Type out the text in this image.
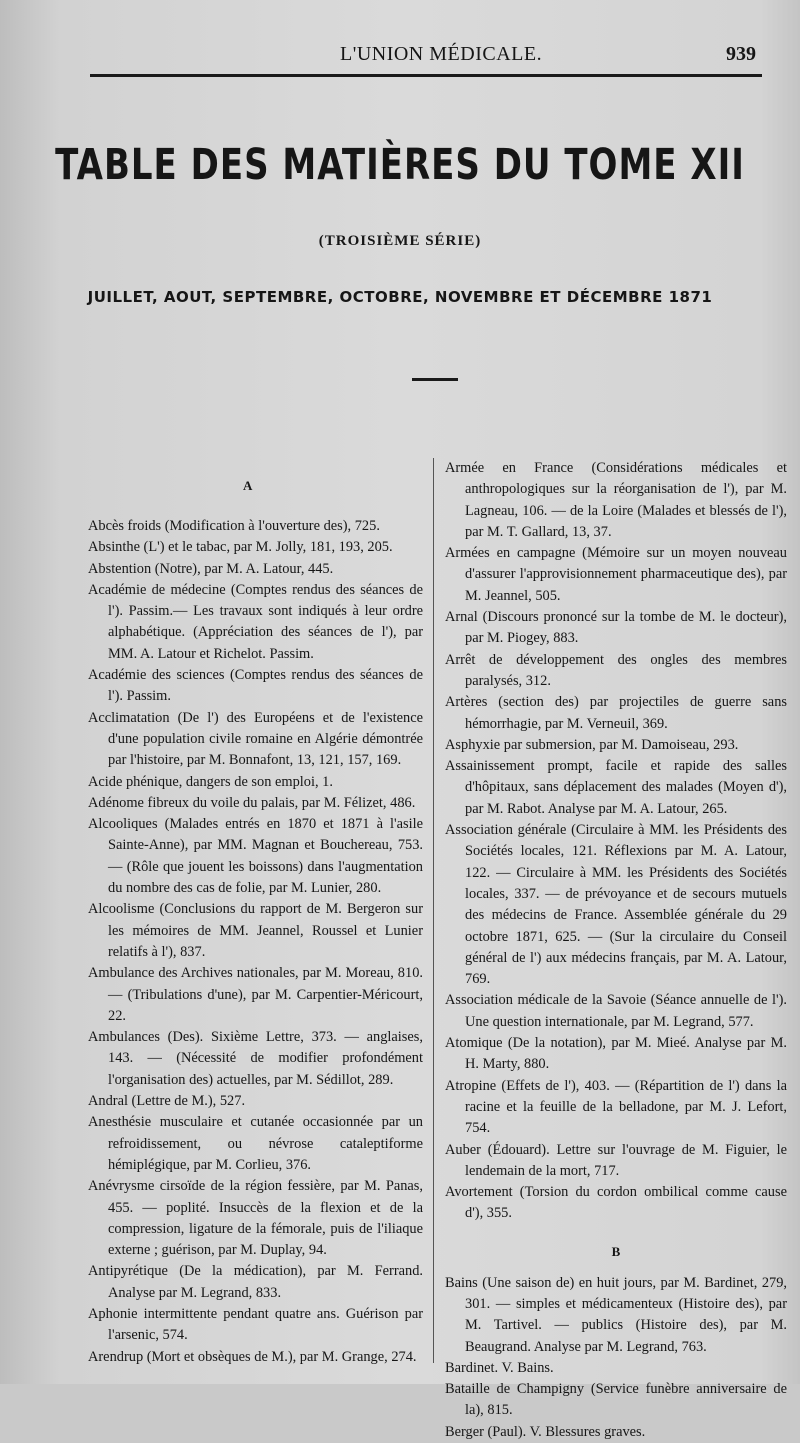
L'UNION MÉDICALE.	939
TABLE DES MATIÈRES DU TOME XII
(TROISIÈME SÉRIE)
JUILLET, AOUT, SEPTEMBRE, OCTOBRE, NOVEMBRE ET DÉCEMBRE 1871
A

Abcès froids (Modification à l'ouverture des), 725.

Absinthe (L') et le tabac, par M. Jolly, 181, 193, 205.

Abstention (Notre), par M. A. Latour, 445.

Académie de médecine (Comptes rendus des séances de l'). Passim.— Les travaux sont indiqués à leur ordre alphabétique. (Appréciation des séances de l'), par MM. A. Latour et Richelot. Passim.

Académie des sciences (Comptes rendus des séances de l'). Passim.

Acclimatation (De l') des Européens et de l'existence d'une population civile romaine en Algérie démontrée par l'histoire, par M. Bonnafont, 13, 121, 157, 169.

Acide phénique, dangers de son emploi, 1.

Adénome fibreux du voile du palais, par M. Félizet, 486.

Alcooliques (Malades entrés en 1870 et 1871 à l'asile Sainte-Anne), par MM. Magnan et Bouchereau, 753. — (Rôle que jouent les boissons) dans l'augmentation du nombre des cas de folie, par M. Lunier, 280.

Alcoolisme (Conclusions du rapport de M. Bergeron sur les mémoires de MM. Jeannel, Roussel et Lunier relatifs à l'), 837.

Ambulance des Archives nationales, par M. Moreau, 810. — (Tribulations d'une), par M. Carpentier-Méricourt, 22.

Ambulances (Des). Sixième Lettre, 373. — anglaises, 143. — (Nécessité de modifier profondément l'organisation des) actuelles, par M. Sédillot, 289.

Andral (Lettre de M.), 527.

Anesthésie musculaire et cutanée occasionnée par un refroidissement, ou névrose cataleptiforme hémiplégique, par M. Corlieu, 376.

Anévrysme cirsoïde de la région fessière, par M. Panas, 455. — poplité. Insuccès de la flexion et de la compression, ligature de la fémorale, puis de l'iliaque externe ; guérison, par M. Duplay, 94.

Antipyrétique (De la médication), par M. Ferrand. Analyse par M. Legrand, 833.

Aphonie intermittente pendant quatre ans. Guérison par l'arsenic, 574.

Arendrup (Mort et obsèques de M.), par M. Grange, 274.

Armée en France (Considérations médicales et anthropologiques sur la réorganisation de l'), par M. Lagneau, 106. — de la Loire (Malades et blessés de l'), par M. T. Gallard, 13, 37.

Armées en campagne (Mémoire sur un moyen nouveau d'assurer l'approvisionnement pharmaceutique des), par M. Jeannel, 505.

Arnal (Discours prononcé sur la tombe de M. le docteur), par M. Piogey, 883.

Arrêt de développement des ongles des membres paralysés, 312.

Artères (section des) par projectiles de guerre sans hémorrhagie, par M. Verneuil, 369.

Asphyxie par submersion, par M. Damoiseau, 293.

Assainissement prompt, facile et rapide des salles d'hôpitaux, sans déplacement des malades (Moyen d'), par M. Rabot. Analyse par M. A. Latour, 265.

Association générale (Circulaire à MM. les Présidents des Sociétés locales, 121. Réflexions par M. A. Latour, 122. — Circulaire à MM. les Présidents des Sociétés locales, 337. — de prévoyance et de secours mutuels des médecins de France. Assemblée générale du 29 octobre 1871, 625. — (Sur la circulaire du Conseil général de l') aux médecins français, par M. A. Latour, 769.

Association médicale de la Savoie (Séance annuelle de l'). Une question internationale, par M. Legrand, 577.

Atomique (De la notation), par M. Mieé. Analyse par M. H. Marty, 880.

Atropine (Effets de l'), 403. — (Répartition de l') dans la racine et la feuille de la belladone, par M. J. Lefort, 754.

Auber (Édouard). Lettre sur l'ouvrage de M. Figuier, le lendemain de la mort, 717.

Avortement (Torsion du cordon ombilical comme cause d'), 355.

B

Bains (Une saison de) en huit jours, par M. Bardinet, 279, 301. — simples et médicamenteux (Histoire des), par M. Tartivel. — publics (Histoire des), par M. Beaugrand. Analyse par M. Legrand, 763.

Bardinet. V. Bains.

Bataille de Champigny (Service funèbre anniversaire de la), 815.

Berger (Paul). V. Blessures graves.
